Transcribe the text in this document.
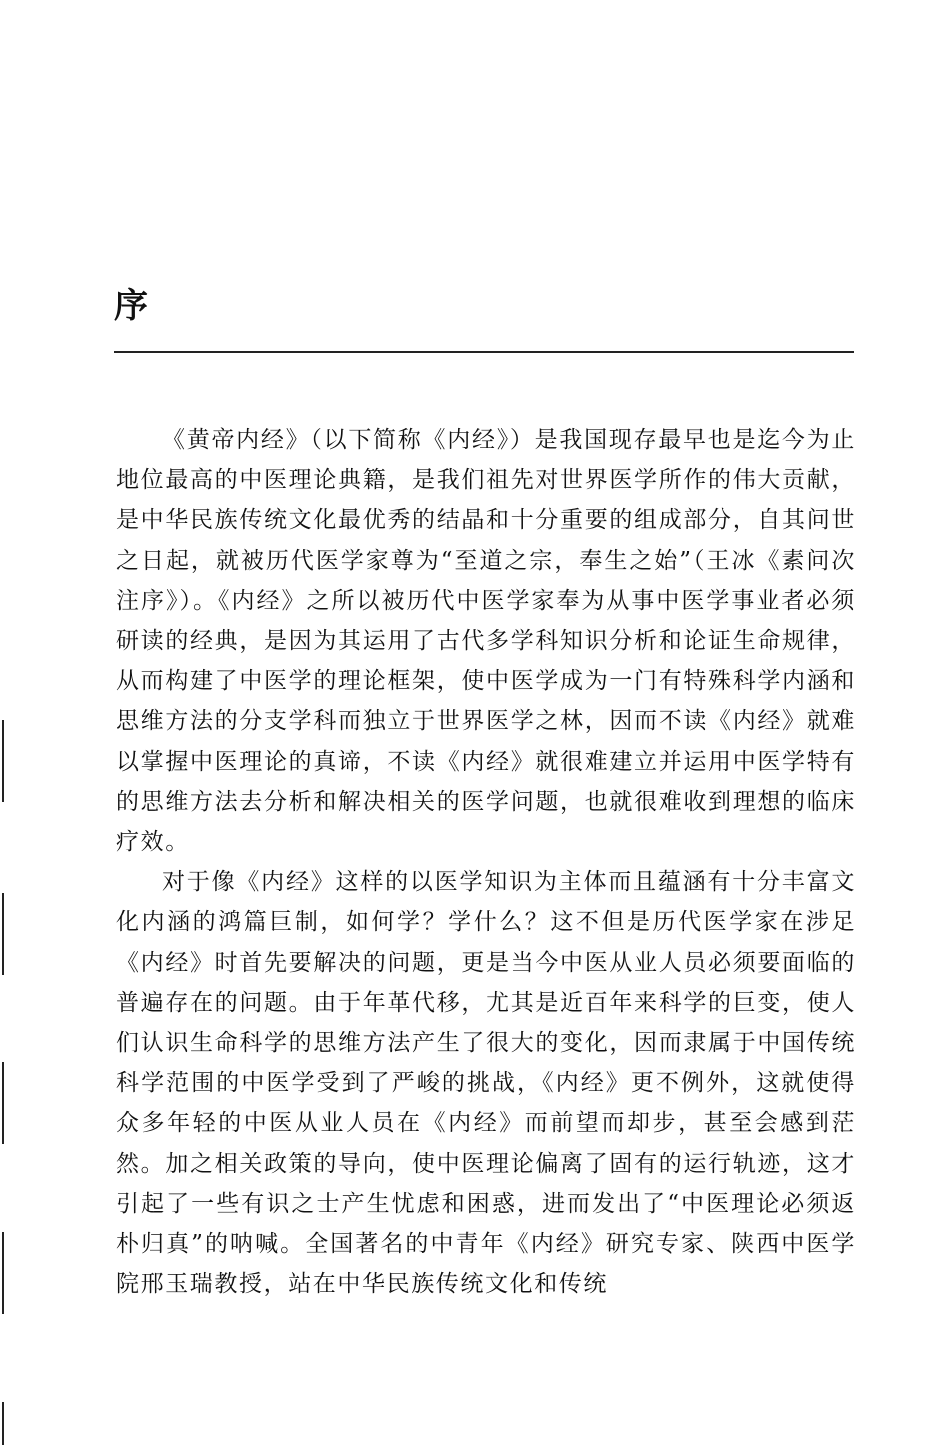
序

《黄帝内经》（以下简称《内经》）是我国现存最早也是迄今为止地位最高的中医理论典籍，是我们祖先对世界医学所作的伟大贡献，是中华民族传统文化最优秀的结晶和十分重要的组成部分，自其问世之日起，就被历代医学家尊为“至道之宗，奉生之始”（王冰《素问次注序》）。《内经》之所以被历代中医学家奉为从事中医学事业者必须研读的经典，是因为其运用了古代多学科知识分析和论证生命规律，从而构建了中医学的理论框架，使中医学成为一门有特殊科学内涵和思维方法的分支学科而独立于世界医学之林，因而不读《内经》就难以掌握中医理论的真谛，不读《内经》就很难建立并运用中医学特有的思维方法去分析和解决相关的医学问题，也就很难收到理想的临床疗效。

对于像《内经》这样的以医学知识为主体而且蕴涵有十分丰富文化内涵的鸿篇巨制，如何学？学什么？这不但是历代医学家在涉足《内经》时首先要解决的问题，更是当今中医从业人员必须要面临的普遍存在的问题。由于年革代移，尤其是近百年来科学的巨变，使人们认识生命科学的思维方法产生了很大的变化，因而隶属于中国传统科学范围的中医学受到了严峻的挑战，《内经》更不例外，这就使得众多年轻的中医从业人员在《内经》而前望而却步，甚至会感到茫然。加之相关政策的导向，使中医理论偏离了固有的运行轨迹，这才引起了一些有识之士产生忧虑和困惑，进而发出了“中医理论必须返朴归真”的呐喊。全国著名的中青年《内经》研究专家、陕西中医学院邢玉瑞教授，站在中华民族传统文化和传统
